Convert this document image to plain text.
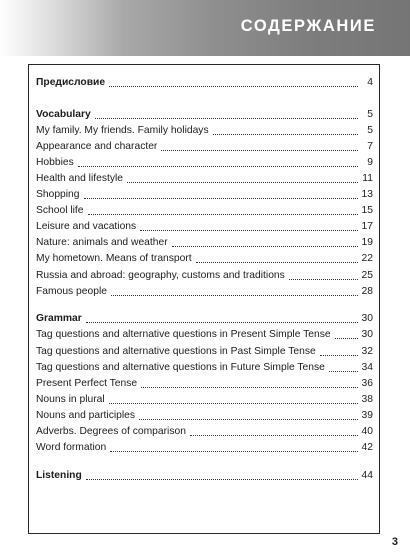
СОДЕРЖАНИЕ
Предисловие	4
Vocabulary	5
My family. My friends. Family holidays	5
Appearance and character	7
Hobbies	9
Health and lifestyle	11
Shopping	13
School life	15
Leisure and vacations	17
Nature: animals and weather	19
My hometown. Means of transport	22
Russia and abroad: geography, customs and traditions	25
Famous people	28
Grammar	30
Tag questions and alternative questions in Present Simple Tense	30
Tag questions and alternative questions in Past Simple Tense	32
Tag questions and alternative questions in Future Simple Tense	34
Present Perfect Tense	36
Nouns in plural	38
Nouns and participles	39
Adverbs. Degrees of comparison	40
Word formation	42
Listening	44
3
